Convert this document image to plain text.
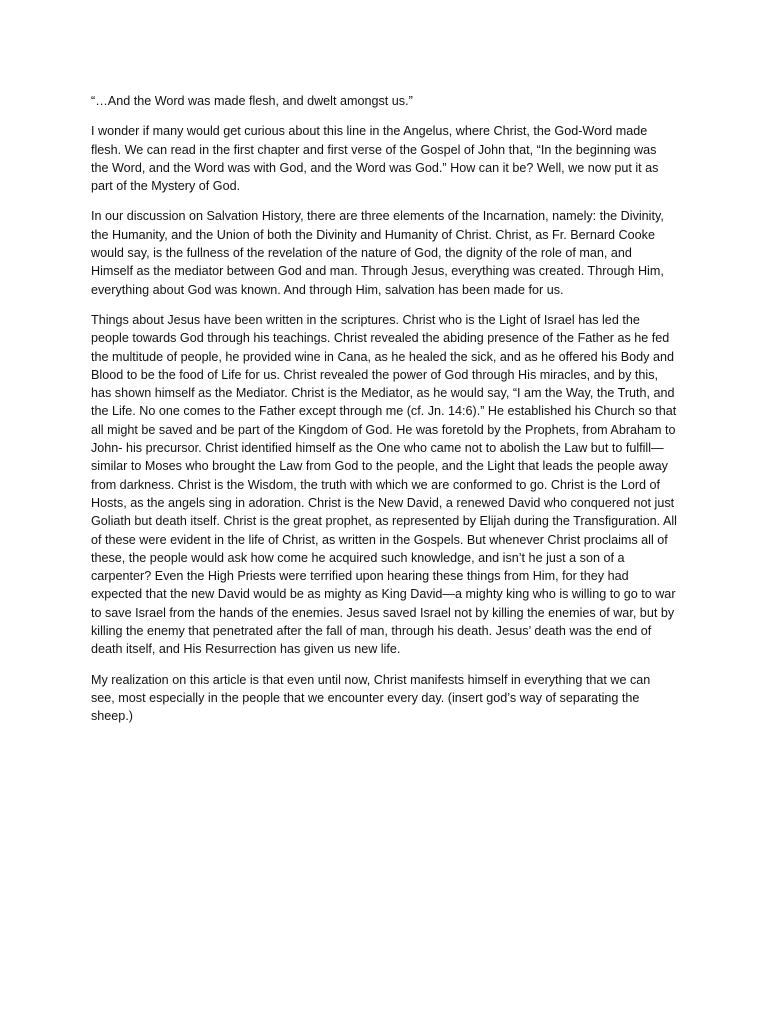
“…And the Word was made flesh, and dwelt amongst us.”

I wonder if many would get curious about this line in the Angelus, where Christ, the God-Word made flesh. We can read in the first chapter and first verse of the Gospel of John that, “In the beginning was the Word, and the Word was with God, and the Word was God.” How can it be? Well, we now put it as part of the Mystery of God.

In our discussion on Salvation History, there are three elements of the Incarnation, namely: the Divinity, the Humanity, and the Union of both the Divinity and Humanity of Christ. Christ, as Fr. Bernard Cooke would say, is the fullness of the revelation of the nature of God, the dignity of the role of man, and Himself as the mediator between God and man. Through Jesus, everything was created. Through Him, everything about God was known. And through Him, salvation has been made for us.

Things about Jesus have been written in the scriptures. Christ who is the Light of Israel has led the people towards God through his teachings. Christ revealed the abiding presence of the Father as he fed the multitude of people, he provided wine in Cana, as he healed the sick, and as he offered his Body and Blood to be the food of Life for us. Christ revealed the power of God through His miracles, and by this, has shown himself as the Mediator. Christ is the Mediator, as he would say, “I am the Way, the Truth, and the Life. No one comes to the Father except through me (cf. Jn. 14:6).” He established his Church so that all might be saved and be part of the Kingdom of God. He was foretold by the Prophets, from Abraham to John- his precursor. Christ identified himself as the One who came not to abolish the Law but to fulfill—similar to Moses who brought the Law from God to the people, and the Light that leads the people away from darkness. Christ is the Wisdom, the truth with which we are conformed to go. Christ is the Lord of Hosts, as the angels sing in adoration. Christ is the New David, a renewed David who conquered not just Goliath but death itself. Christ is the great prophet, as represented by Elijah during the Transfiguration. All of these were evident in the life of Christ, as written in the Gospels. But whenever Christ proclaims all of these, the people would ask how come he acquired such knowledge, and isn’t he just a son of a carpenter? Even the High Priests were terrified upon hearing these things from Him, for they had expected that the new David would be as mighty as King David—a mighty king who is willing to go to war to save Israel from the hands of the enemies. Jesus saved Israel not by killing the enemies of war, but by killing the enemy that penetrated after the fall of man, through his death. Jesus’ death was the end of death itself, and His Resurrection has given us new life.

My realization on this article is that even until now, Christ manifests himself in everything that we can see, most especially in the people that we encounter every day. (insert god’s way of separating the sheep.)
